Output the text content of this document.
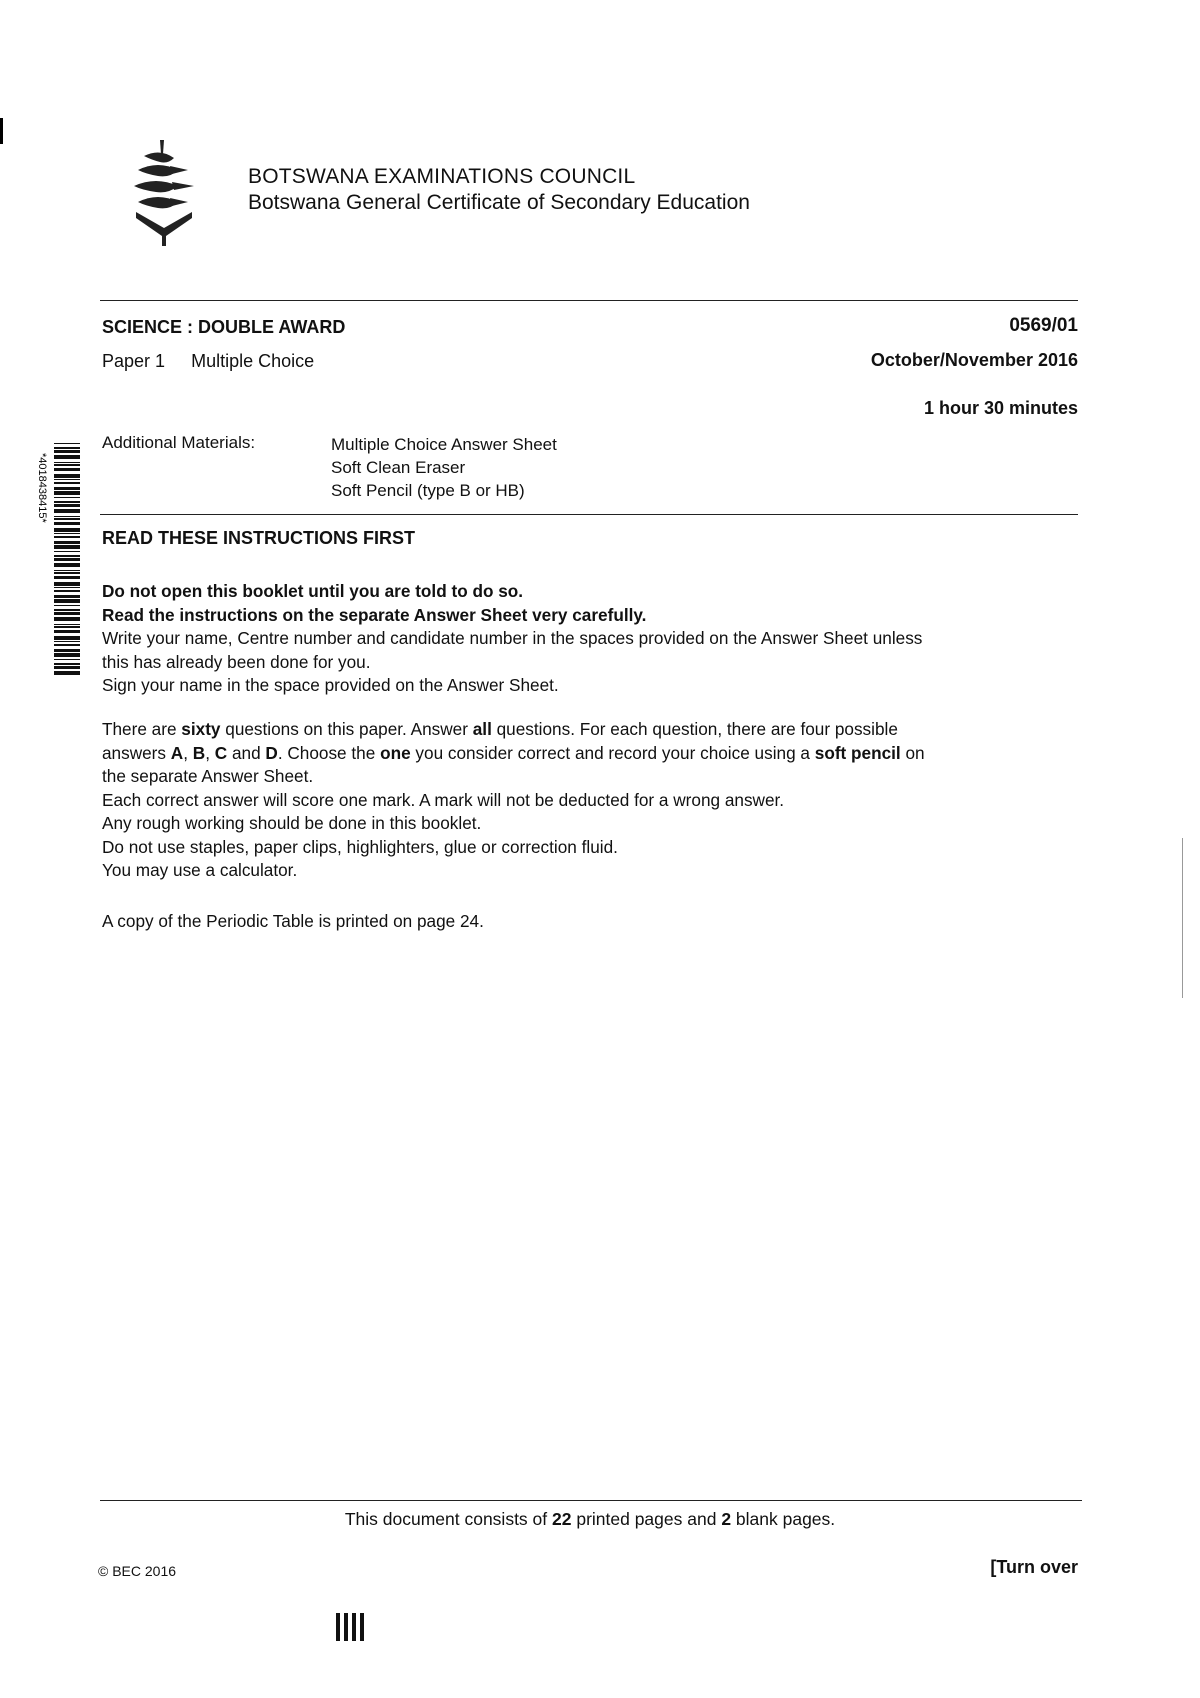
BOTSWANA EXAMINATIONS COUNCIL
Botswana General Certificate of Secondary Education
SCIENCE : DOUBLE AWARD	0569/01
Paper 1 Multiple Choice	October/November 2016
1 hour 30 minutes
Additional Materials:	Multiple Choice Answer Sheet
Soft Clean Eraser
Soft Pencil (type B or HB)
*4018438415*
READ THESE INSTRUCTIONS FIRST
Do not open this booklet until you are told to do so.
Read the instructions on the separate Answer Sheet very carefully.
Write your name, Centre number and candidate number in the spaces provided on the Answer Sheet unless
this has already been done for you.
Sign your name in the space provided on the Answer Sheet.
There are sixty questions on this paper. Answer all questions. For each question, there are four possible
answers A, B, C and D. Choose the one you consider correct and record your choice using a soft pencil on
the separate Answer Sheet.
Each correct answer will score one mark. A mark will not be deducted for a wrong answer.
Any rough working should be done in this booklet.
Do not use staples, paper clips, highlighters, glue or correction fluid.
You may use a calculator.
A copy of the Periodic Table is printed on page 24.
This document consists of 22 printed pages and 2 blank pages.
© BEC 2016	[Turn over
